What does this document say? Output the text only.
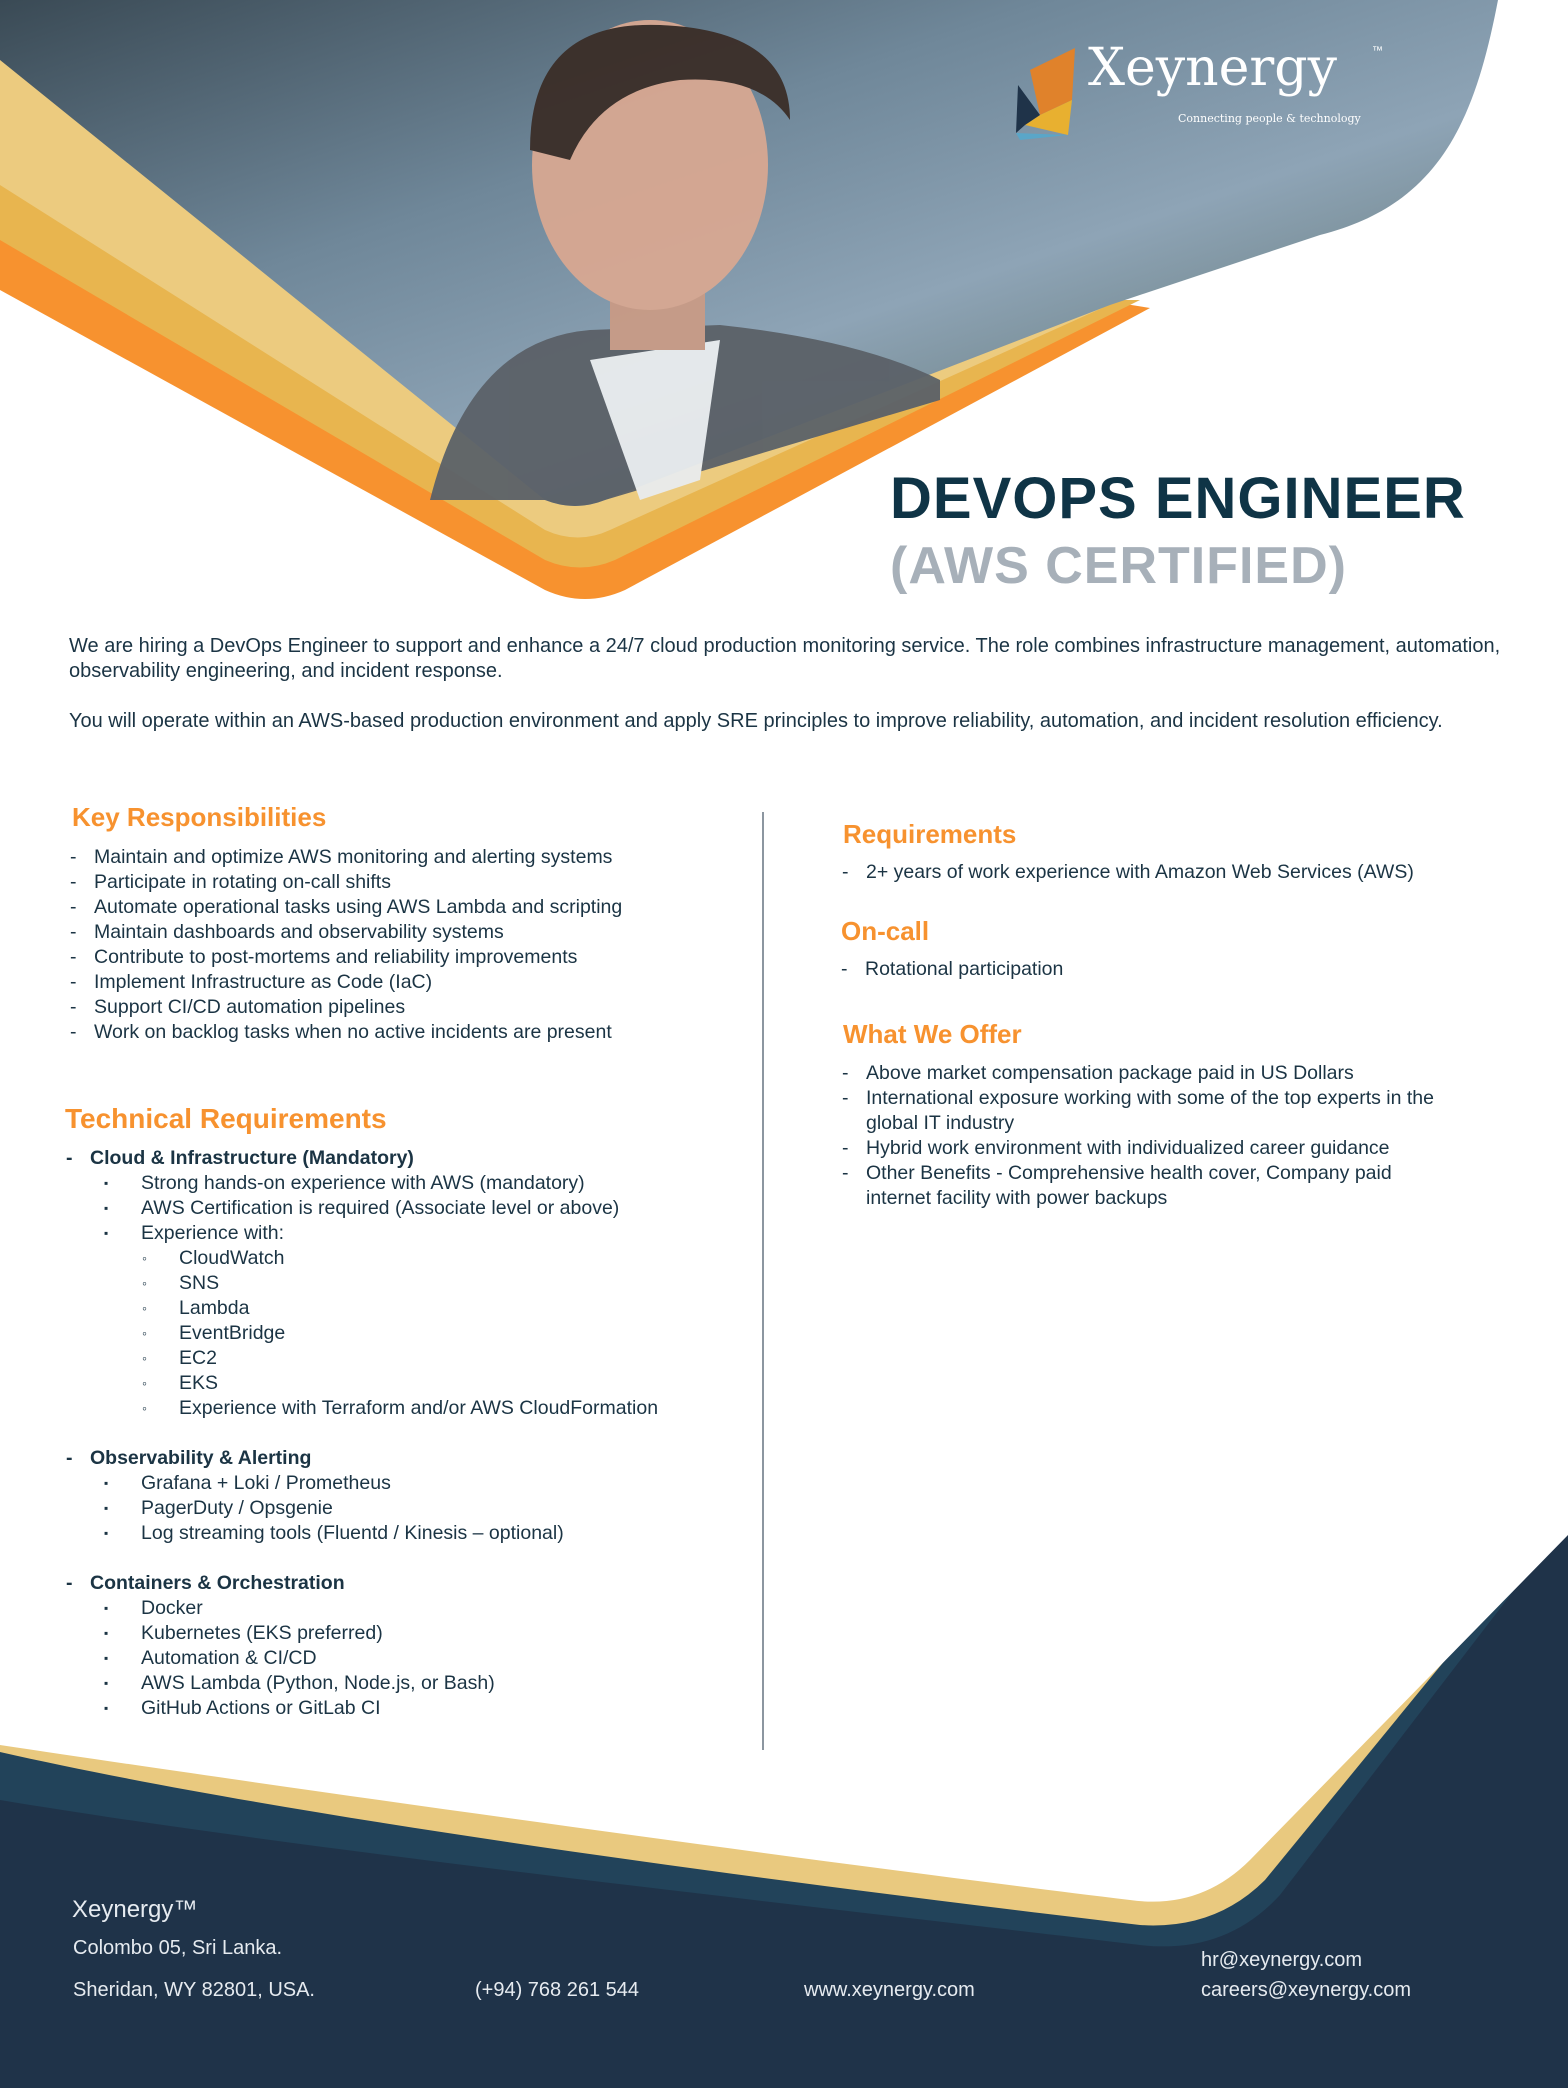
Xeynergy	™
Connecting people & technology
DEVOPS ENGINEER
(AWS CERTIFIED)
We are hiring a DevOps Engineer to support and enhance a 24/7 cloud production monitoring service. The role combines infrastructure management, automation, observability engineering, and incident response.
You will operate within an AWS-based production environment and apply SRE principles to improve reliability, automation, and incident resolution efficiency.
Key Responsibilities
- Maintain and optimize AWS monitoring and alerting systems
- Participate in rotating on-call shifts
- Automate operational tasks using AWS Lambda and scripting
- Maintain dashboards and observability systems
- Contribute to post-mortems and reliability improvements
- Implement Infrastructure as Code (IaC)
- Support CI/CD automation pipelines
- Work on backlog tasks when no active incidents are present
Technical Requirements
- Cloud & Infrastructure (Mandatory)
▪ Strong hands-on experience with AWS (mandatory)
▪ AWS Certification is required (Associate level or above)
▪ Experience with:
◦ CloudWatch
◦ SNS
◦ Lambda
◦ EventBridge
◦ EC2
◦ EKS
◦ Experience with Terraform and/or AWS CloudFormation
- Observability & Alerting
▪ Grafana + Loki / Prometheus
▪ PagerDuty / Opsgenie
▪ Log streaming tools (Fluentd / Kinesis – optional)
- Containers & Orchestration
▪ Docker
▪ Kubernetes (EKS preferred)
▪ Automation & CI/CD
▪ AWS Lambda (Python, Node.js, or Bash)
▪ GitHub Actions or GitLab CI
Requirements
- 2+ years of work experience with Amazon Web Services (AWS)
On-call
- Rotational participation
What We Offer
- Above market compensation package paid in US Dollars
- International exposure working with some of the top experts in the global IT industry
- Hybrid work environment with individualized career guidance
- Other Benefits - Comprehensive health cover, Company paid internet facility with power backups
Xeynergy™
Colombo 05, Sri Lanka.
Sheridan, WY 82801, USA.	(+94) 768 261 544	www.xeynergy.com
hr@xeynergy.com
careers@xeynergy.com
